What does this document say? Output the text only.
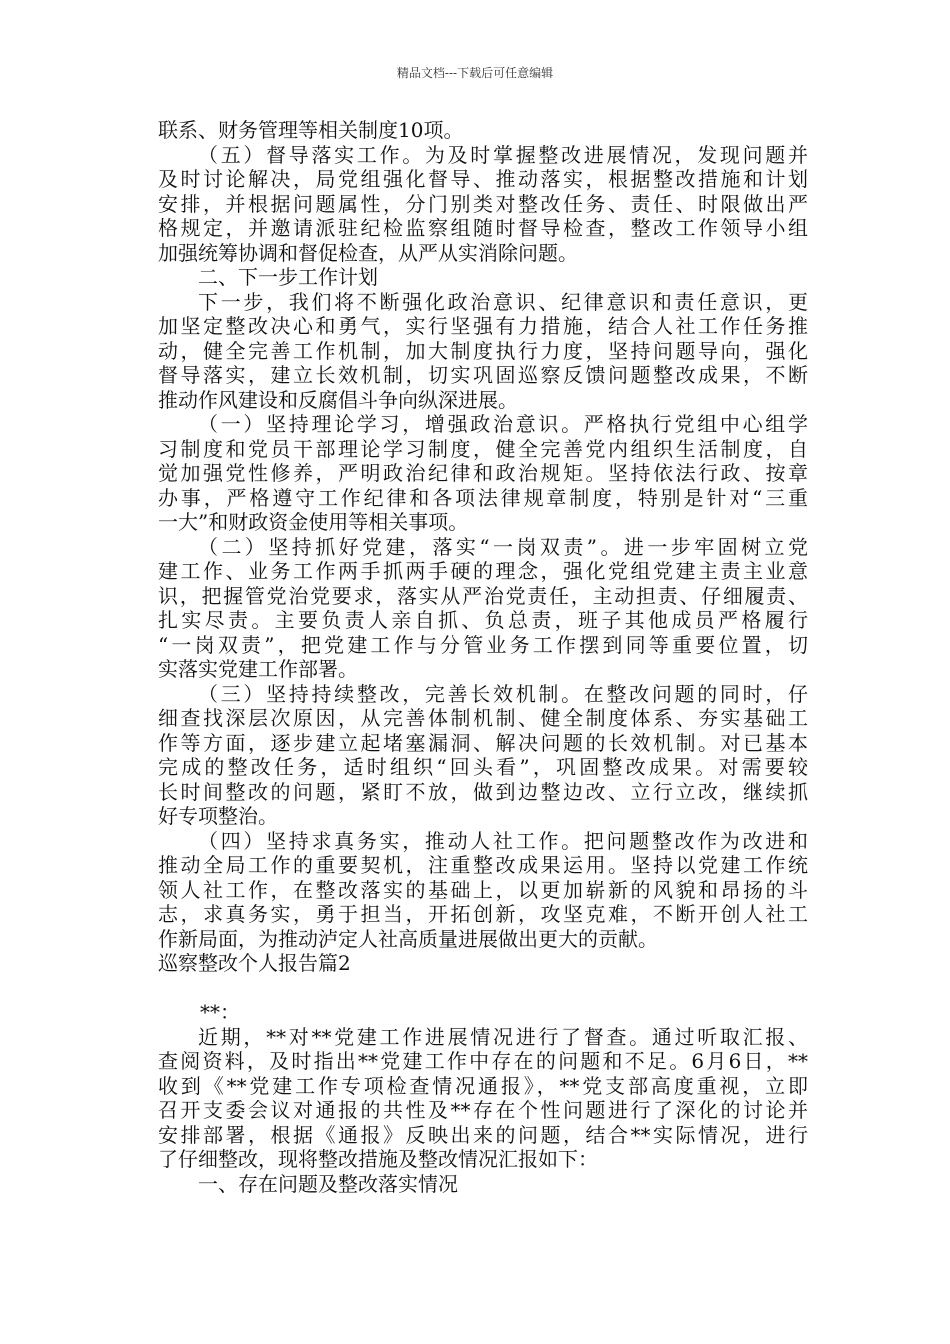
精品文档---下载后可任意编辑
联系、财务管理等相关制度10项。
（五）督导落实工作。为及时掌握整改进展情况，发现问题并
及时讨论解决，局党组强化督导、推动落实，根据整改措施和计划
安排，并根据问题属性，分门别类对整改任务、责任、时限做出严
格规定，并邀请派驻纪检监察组随时督导检查，整改工作领导小组
加强统筹协调和督促检查，从严从实消除问题。
二、下一步工作计划
下一步，我们将不断强化政治意识、纪律意识和责任意识，更
加坚定整改决心和勇气，实行坚强有力措施，结合人社工作任务推
动，健全完善工作机制，加大制度执行力度，坚持问题导向，强化
督导落实，建立长效机制，切实巩固巡察反馈问题整改成果，不断
推动作风建设和反腐倡斗争向纵深进展。
（一）坚持理论学习，增强政治意识。严格执行党组中心组学
习制度和党员干部理论学习制度，健全完善党内组织生活制度，自
觉加强党性修养，严明政治纪律和政治规矩。坚持依法行政、按章
办事，严格遵守工作纪律和各项法律规章制度，特别是针对“三重
一大”和财政资金使用等相关事项。
（二）坚持抓好党建，落实“一岗双责”。进一步牢固树立党
建工作、业务工作两手抓两手硬的理念，强化党组党建主责主业意
识，把握管党治党要求，落实从严治党责任，主动担责、仔细履责、
扎实尽责。主要负责人亲自抓、负总责，班子其他成员严格履行
“一岗双责”，把党建工作与分管业务工作摆到同等重要位置，切
实落实党建工作部署。
（三）坚持持续整改，完善长效机制。在整改问题的同时，仔
细查找深层次原因，从完善体制机制、健全制度体系、夯实基础工
作等方面，逐步建立起堵塞漏洞、解决问题的长效机制。对已基本
完成的整改任务，适时组织“回头看”，巩固整改成果。对需要较
长时间整改的问题，紧盯不放，做到边整边改、立行立改，继续抓
好专项整治。
（四）坚持求真务实，推动人社工作。把问题整改作为改进和
推动全局工作的重要契机，注重整改成果运用。坚持以党建工作统
领人社工作，在整改落实的基础上，以更加崭新的风貌和昂扬的斗
志，求真务实，勇于担当，开拓创新，攻坚克难，不断开创人社工
作新局面，为推动泸定人社高质量进展做出更大的贡献。
巡察整改个人报告篇2
**：
近期，**对**党建工作进展情况进行了督查。通过听取汇报、
查阅资料，及时指出**党建工作中存在的问题和不足。6月6日，**
收到《**党建工作专项检查情况通报》，**党支部高度重视，立即
召开支委会议对通报的共性及**存在个性问题进行了深化的讨论并
安排部署，根据《通报》反映出来的问题，结合**实际情况，进行
了仔细整改，现将整改措施及整改情况汇报如下：
一、存在问题及整改落实情况
